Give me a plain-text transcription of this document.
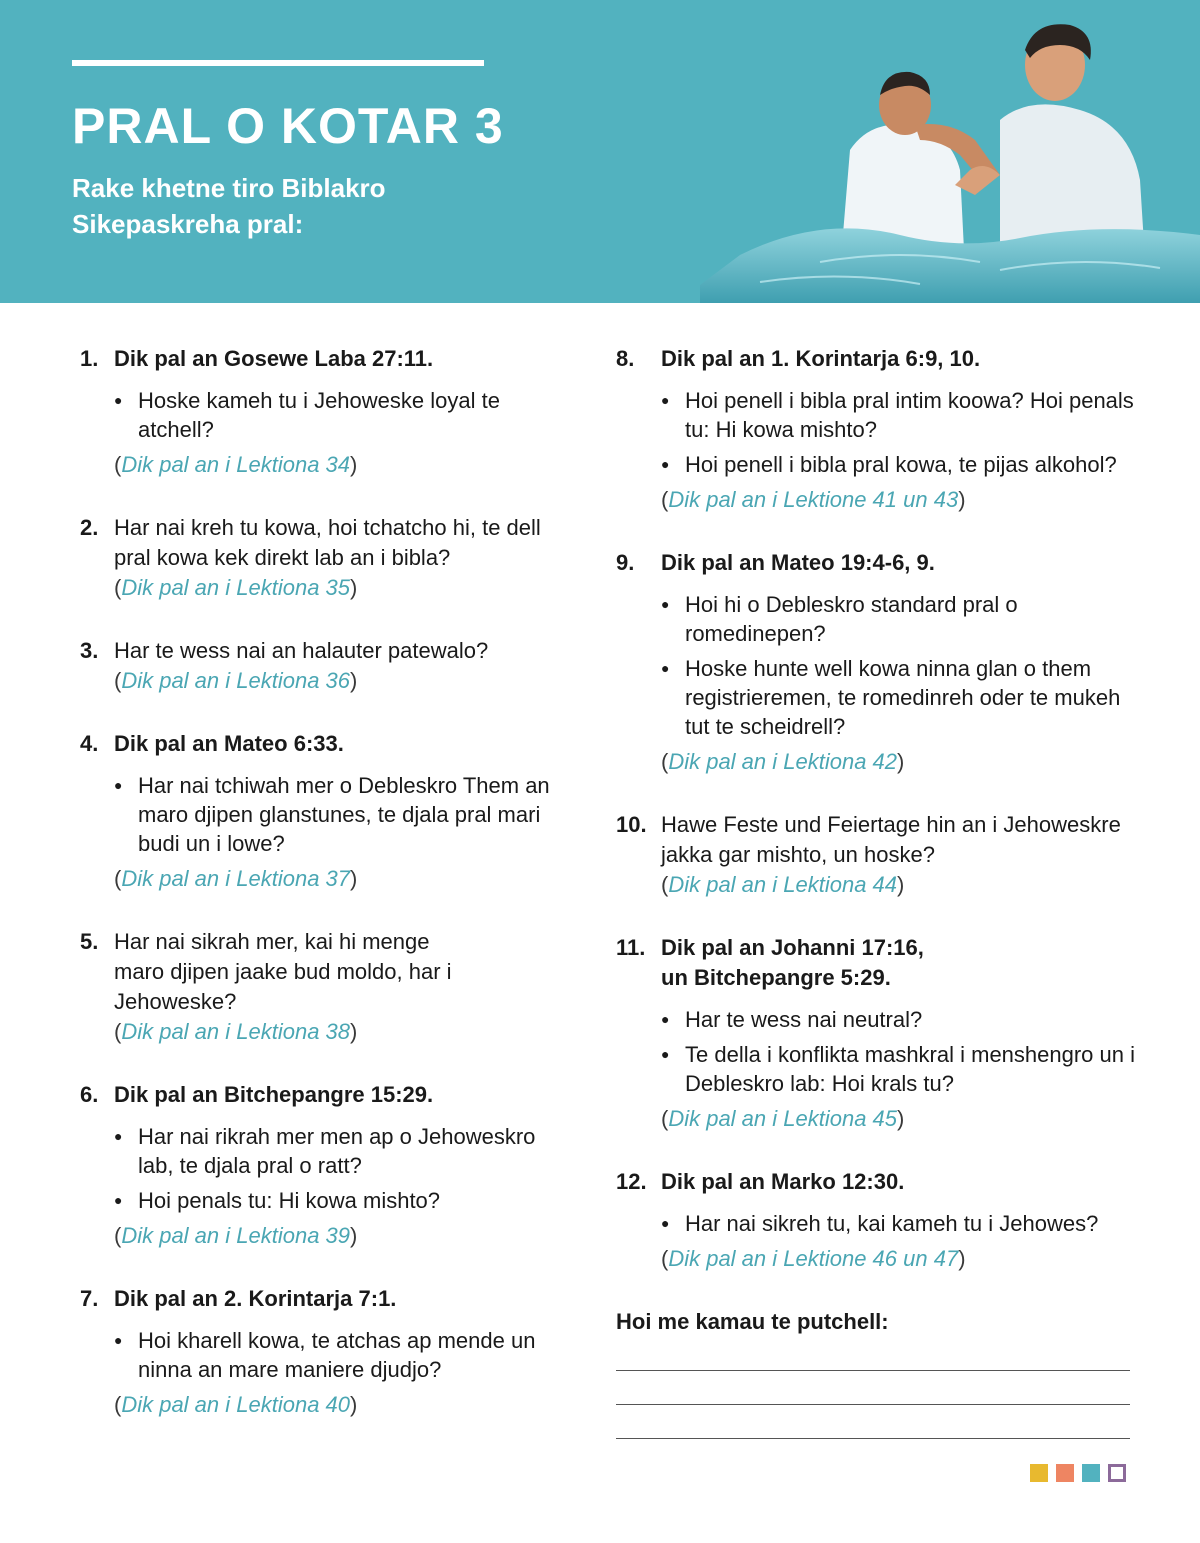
PRAL O KOTAR 3
Rake khetne tiro Biblakro
Sikepaskreha pral:
1. Dik pal an Gosewe Laba 27:11.
● Hoske kameh tu i Jehoweske loyal te atchell?
(Dik pal an i Lektiona 34)
2. Har nai kreh tu kowa, hoi tchatcho hi, te dell pral kowa kek direkt lab an i bibla?
(Dik pal an i Lektiona 35)
3. Har te wess nai an halauter patewalo?
(Dik pal an i Lektiona 36)
4. Dik pal an Mateo 6:33.
● Har nai tchiwah mer o Debleskro Them an maro djipen glanstunes, te djala pral mari budi un i lowe?
(Dik pal an i Lektiona 37)
5. Har nai sikrah mer, kai hi menge maro djipen jaake bud moldo, har i Jehoweske?
(Dik pal an i Lektiona 38)
6. Dik pal an Bitchepangre 15:29.
● Har nai rikrah mer men ap o Jehoweskro lab, te djala pral o ratt?
● Hoi penals tu: Hi kowa mishto?
(Dik pal an i Lektiona 39)
7. Dik pal an 2. Korintarja 7:1.
● Hoi kharell kowa, te atchas ap mende un ninna an mare maniere djudjo?
(Dik pal an i Lektiona 40)
8.	Dik pal an 1. Korintarja 6:9, 10.
● Hoi penell i bibla pral intim koowa? Hoi penals tu: Hi kowa mishto?
● Hoi penell i bibla pral kowa, te pijas alkohol?
(Dik pal an i Lektione 41 un 43)
9.	Dik pal an Mateo 19:4-6, 9.
● Hoi hi o Debleskro standard pral o romedinepen?
● Hoske hunte well kowa ninna glan o them registrieremen, te romedinreh oder te mukeh tut te scheidrell?
(Dik pal an i Lektiona 42)
10. Hawe Feste und Feiertage hin an i Jehoweskre jakka gar mishto, un hoske?
(Dik pal an i Lektiona 44)
11. Dik pal an Johanni 17:16, un Bitchepangre 5:29.
● Har te wess nai neutral?
● Te della i konflikta mashkral i menshengro un i Debleskro lab: Hoi krals tu?
(Dik pal an i Lektiona 45)
12. Dik pal an Marko 12:30.
● Har nai sikreh tu, kai kameh tu i Jehowes?
(Dik pal an i Lektione 46 un 47)
Hoi me kamau te putchell:
